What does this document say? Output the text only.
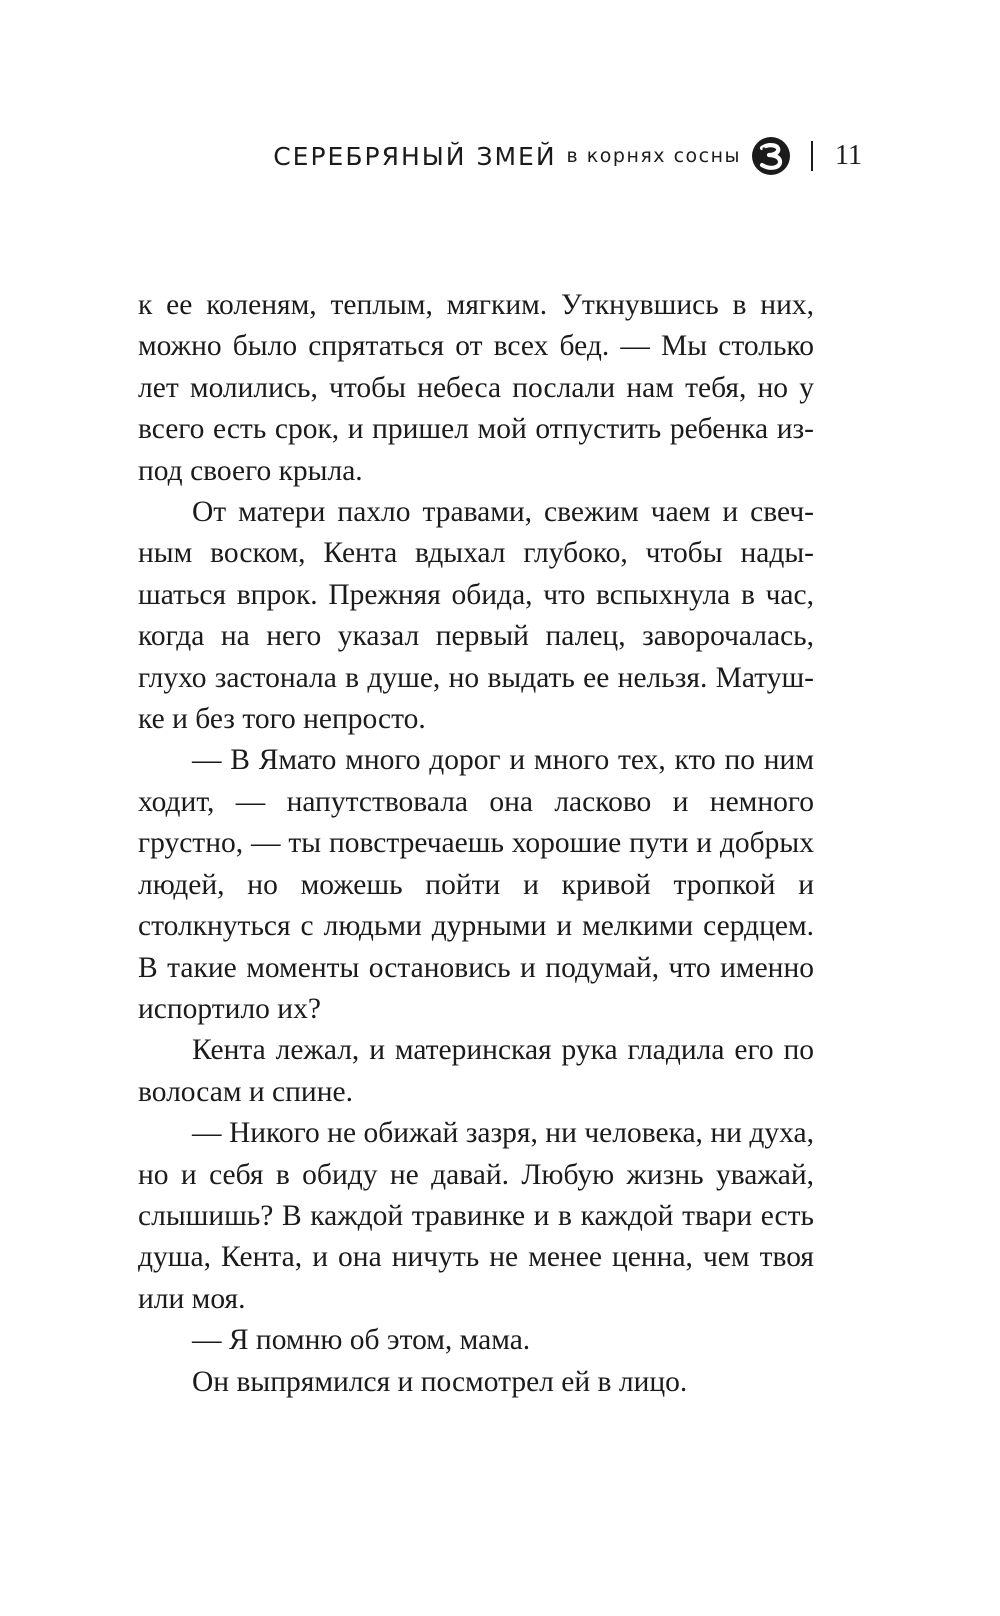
СЕРЕБРЯНЫЙ ЗМЕЙ в корнях сосны	11

к ее коленям, теплым, мягким. Уткнувшись в них, можно было спрятаться от всех бед. — Мы столько лет молились, чтобы небеса послали нам тебя, но у всего есть срок, и пришел мой отпустить ребенка из-под своего крыла.

От матери пахло травами, свежим чаем и свечным воском, Кента вдыхал глубоко, чтобы надышаться впрок. Прежняя обида, что вспыхнула в час, когда на него указал первый палец, заворочалась, глухо застонала в душе, но выдать ее нельзя. Матушке и без того непросто.

— В Ямато много дорог и много тех, кто по ним ходит, — напутствовала она ласково и немного грустно, — ты повстречаешь хорошие пути и добрых людей, но можешь пойти и кривой тропкой и столкнуться с людьми дурными и мелкими сердцем. В такие моменты остановись и подумай, что именно испортило их?

Кента лежал, и материнская рука гладила его по волосам и спине.

— Никого не обижай зазря, ни человека, ни духа, но и себя в обиду не давай. Любую жизнь уважай, слышишь? В каждой травинке и в каждой твари есть душа, Кента, и она ничуть не менее ценна, чем твоя или моя.

— Я помню об этом, мама.

Он выпрямился и посмотрел ей в лицо.
